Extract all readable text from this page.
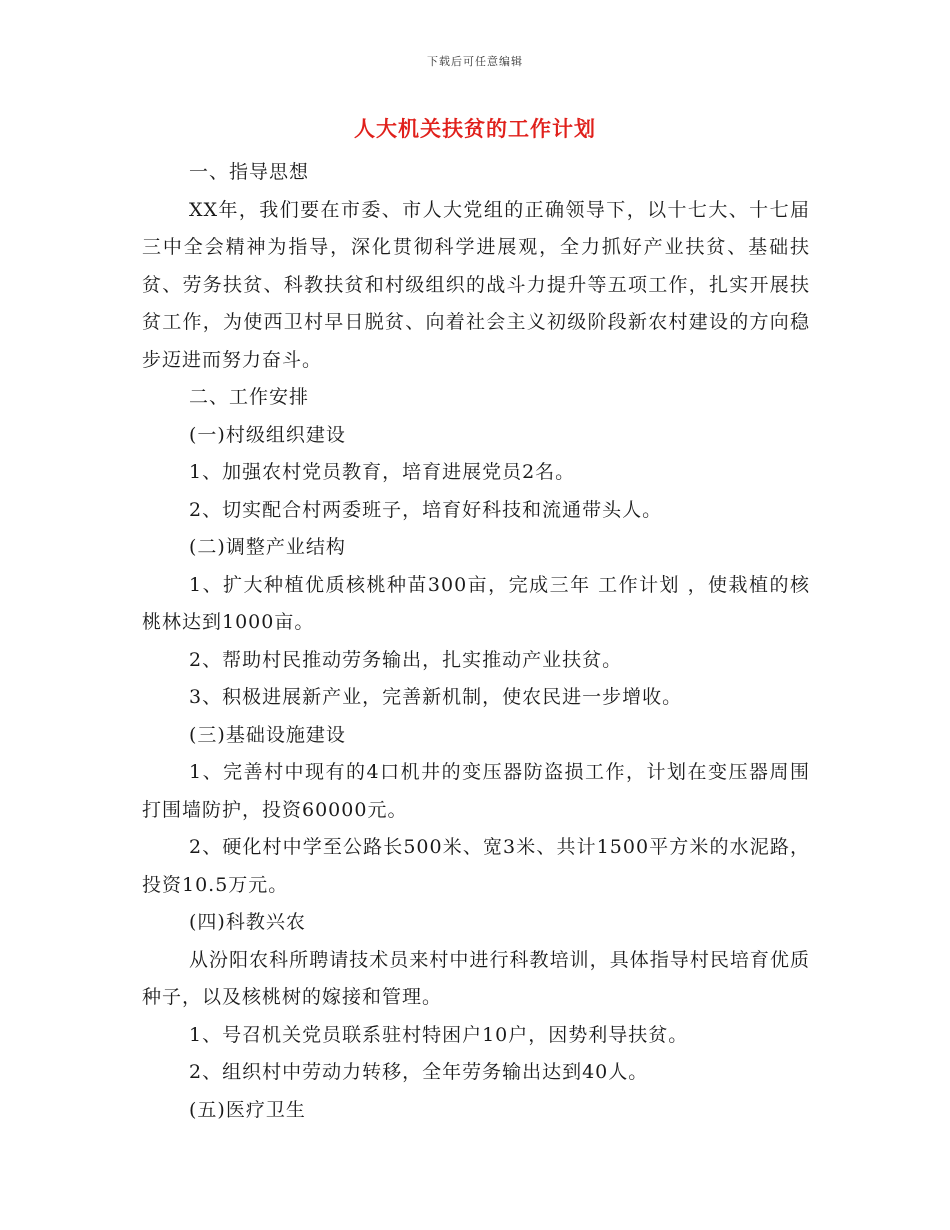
下载后可任意编辑
人大机关扶贫的工作计划

一、指导思想

XX年，我们要在市委、市人大党组的正确领导下，以十七大、十七届三中全会精神为指导，深化贯彻科学进展观，全力抓好产业扶贫、基础扶贫、劳务扶贫、科教扶贫和村级组织的战斗力提升等五项工作，扎实开展扶贫工作，为使西卫村早日脱贫、向着社会主义初级阶段新农村建设的方向稳步迈进而努力奋斗。

二、工作安排

(一)村级组织建设

1、加强农村党员教育，培育进展党员2名。

2、切实配合村两委班子，培育好科技和流通带头人。

(二)调整产业结构

1、扩大种植优质核桃种苗300亩，完成三年 工作计划 ，使栽植的核桃林达到1000亩。

2、帮助村民推动劳务输出，扎实推动产业扶贫。

3、积极进展新产业，完善新机制，使农民进一步增收。

(三)基础设施建设

1、完善村中现有的4口机井的变压器防盗损工作，计划在变压器周围打围墙防护，投资60000元。

2、硬化村中学至公路长500米、宽3米、共计1500平方米的水泥路，投资10.5万元。

(四)科教兴农

从汾阳农科所聘请技术员来村中进行科教培训，具体指导村民培育优质种子，以及核桃树的嫁接和管理。

1、号召机关党员联系驻村特困户10户，因势利导扶贫。

2、组织村中劳动力转移，全年劳务输出达到40人。

(五)医疗卫生
